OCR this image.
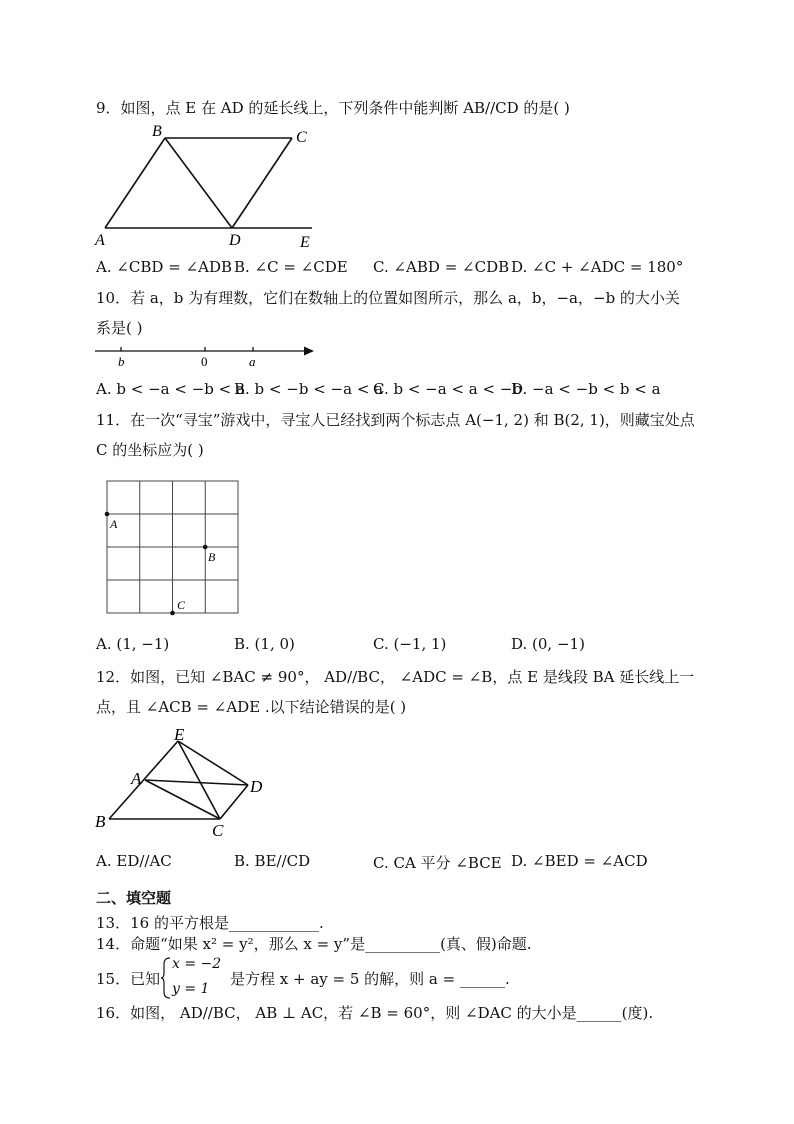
9．如图，点 E 在 AD 的延长线上，下列条件中能判断 AB//CD 的是( )
B	C
A	D	E
A. ∠CBD = ∠ADB B. ∠C = ∠CDE C. ∠ABD = ∠CDB D. ∠C + ∠ADC = 180°
10．若 a，b 为有理数，它们在数轴上的位置如图所示，那么 a，b，−a，−b 的大小关
系是( )
b	0	a
A. b < −a < −b < a
B. b < −b < −a < a
C. b < −a < a < −b
D. −a < −b < b < a
11．在一次“寻宝”游戏中，寻宝人已经找到两个标志点 A(−1, 2) 和 B(2, 1)，则藏宝处点
C 的坐标应为( )
A
B
C
A. (1, −1)	B. (1, 0)	C. (−1, 1)	D. (0, −1)
12．如图，已知 ∠BAC ≠ 90°， AD//BC， ∠ADC = ∠B，点 E 是线段 BA 延长线上一
点，且 ∠ACB = ∠ADE .以下结论错误的是( )
E
A	D
B	C
A. ED//AC	B. BE//CD	C. CA 平分 ∠BCE D. ∠BED = ∠ACD
二、填空题
13．16 的平方根是____________.
14．命题“如果 x² = y²，那么 x = y”是__________(真、假)命题.
15．已知
x = −2
y = 1
是方程 x + ay = 5 的解，则 a = ______.
16．如图， AD//BC， AB ⊥ AC，若 ∠B = 60°，则 ∠DAC 的大小是______(度).
